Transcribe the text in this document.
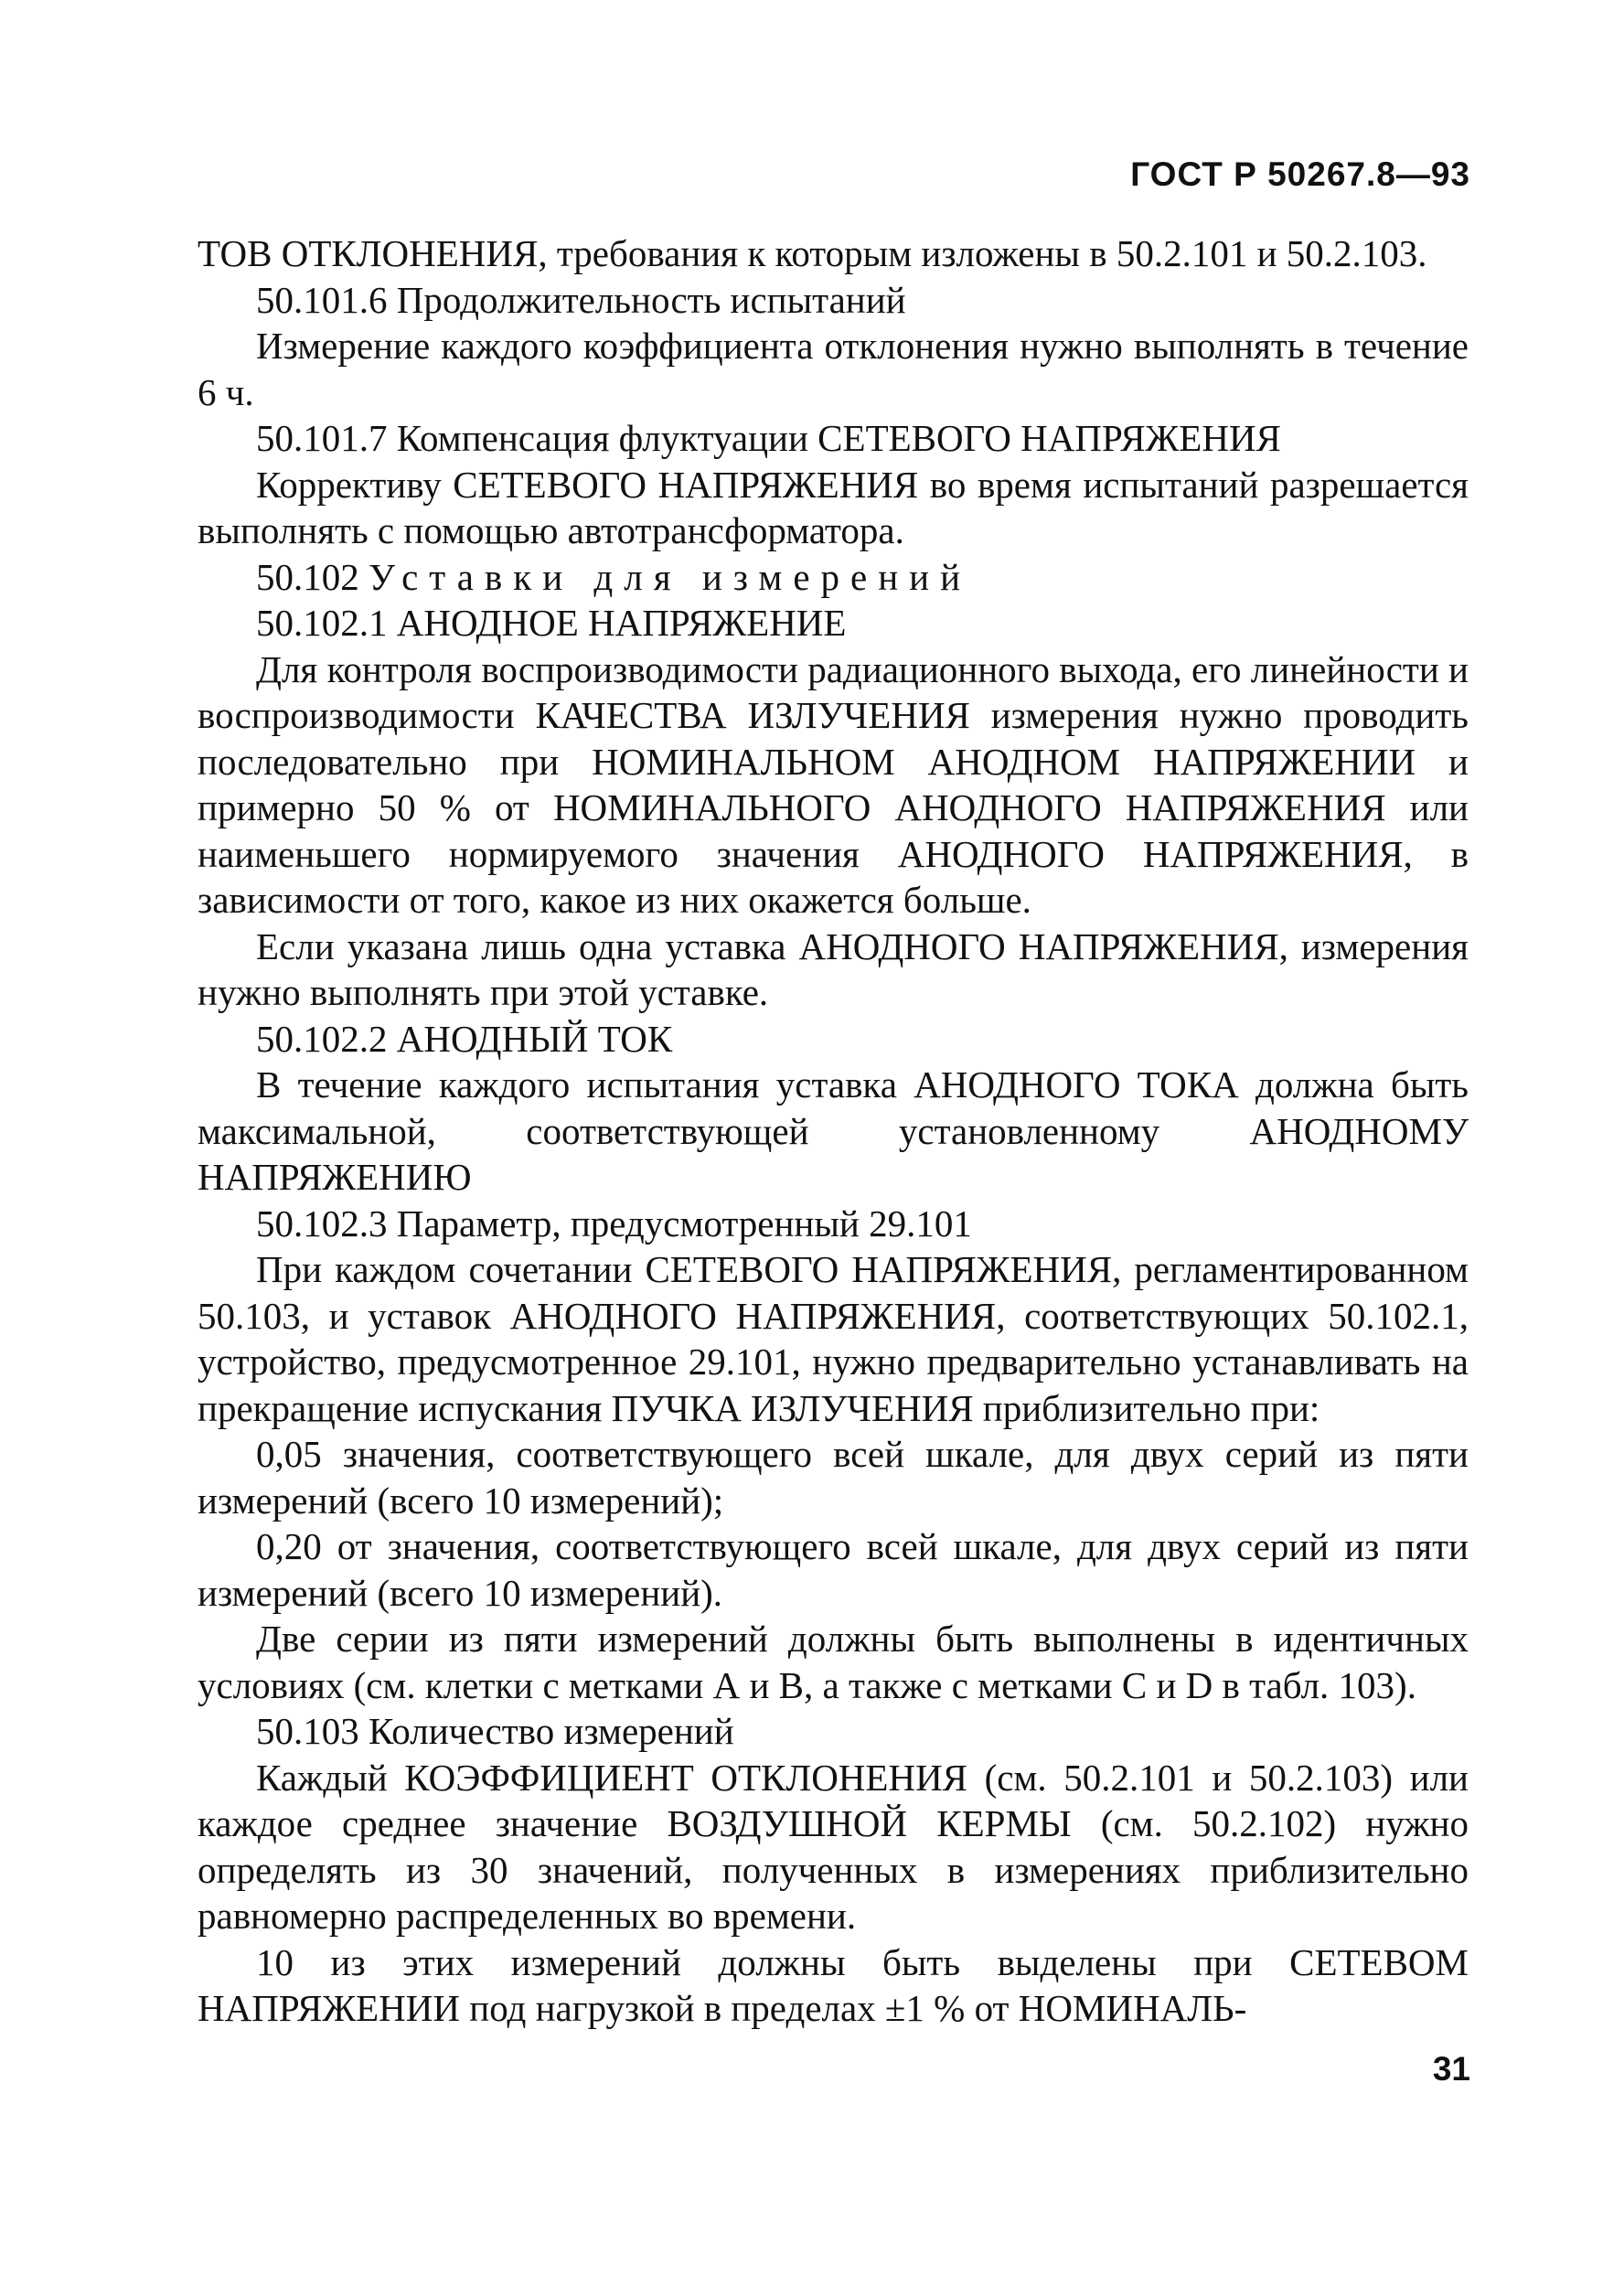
ГОСТ Р 50267.8—93

ТОВ ОТКЛОНЕНИЯ, требования к которым изложены в 50.2.101 и 50.2.103.

50.101.6 Продолжительность испытаний

Измерение каждого коэффициента отклонения нужно выполнять в течение 6 ч.

50.101.7 Компенсация флуктуации СЕТЕВОГО НАПРЯЖЕНИЯ

Коррективу СЕТЕВОГО НАПРЯЖЕНИЯ во время испытаний разрешается выполнять с помощью автотрансформатора.

50.102 Уставки для измерений
50.102.1 АНОДНОЕ НАПРЯЖЕНИЕ

Для контроля воспроизводимости радиационного выхода, его линейности и воспроизводимости КАЧЕСТВА ИЗЛУЧЕНИЯ измерения нужно проводить последовательно при НОМИНАЛЬНОМ АНОДНОМ НАПРЯЖЕНИИ и примерно 50 % от НОМИНАЛЬНОГО АНОДНОГО НАПРЯЖЕНИЯ или наименьшего нормируемого значения АНОДНОГО НАПРЯЖЕНИЯ, в зависимости от того, какое из них окажется больше.

Если указана лишь одна уставка АНОДНОГО НАПРЯЖЕНИЯ, измерения нужно выполнять при этой уставке.

50.102.2 АНОДНЫЙ ТОК

В течение каждого испытания уставка АНОДНОГО ТОКА должна быть максимальной, соответствующей установленному АНОДНОМУ НАПРЯЖЕНИЮ

50.102.3 Параметр, предусмотренный 29.101

При каждом сочетании СЕТЕВОГО НАПРЯЖЕНИЯ, регламентированном 50.103, и уставок АНОДНОГО НАПРЯЖЕНИЯ, соответствующих 50.102.1, устройство, предусмотренное 29.101, нужно предварительно устанавливать на прекращение испускания ПУЧКА ИЗЛУЧЕНИЯ приблизительно при:

0,05 значения, соответствующего всей шкале, для двух серий из пяти измерений (всего 10 измерений);

0,20 от значения, соответствующего всей шкале, для двух серий из пяти измерений (всего 10 измерений).

Две серии из пяти измерений должны быть выполнены в идентичных условиях (см. клетки с метками А и В, а также с метками С и D в табл. 103).

50.103 Количество измерений

Каждый КОЭФФИЦИЕНТ ОТКЛОНЕНИЯ (см. 50.2.101 и 50.2.103) или каждое среднее значение ВОЗДУШНОЙ КЕРМЫ (см. 50.2.102) нужно определять из 30 значений, полученных в измерениях приблизительно равномерно распределенных во времени.

10 из этих измерений должны быть выделены при СЕТЕВОМ НАПРЯЖЕНИИ под нагрузкой в пределах ±1 % от НОМИНАЛЬ-

31
